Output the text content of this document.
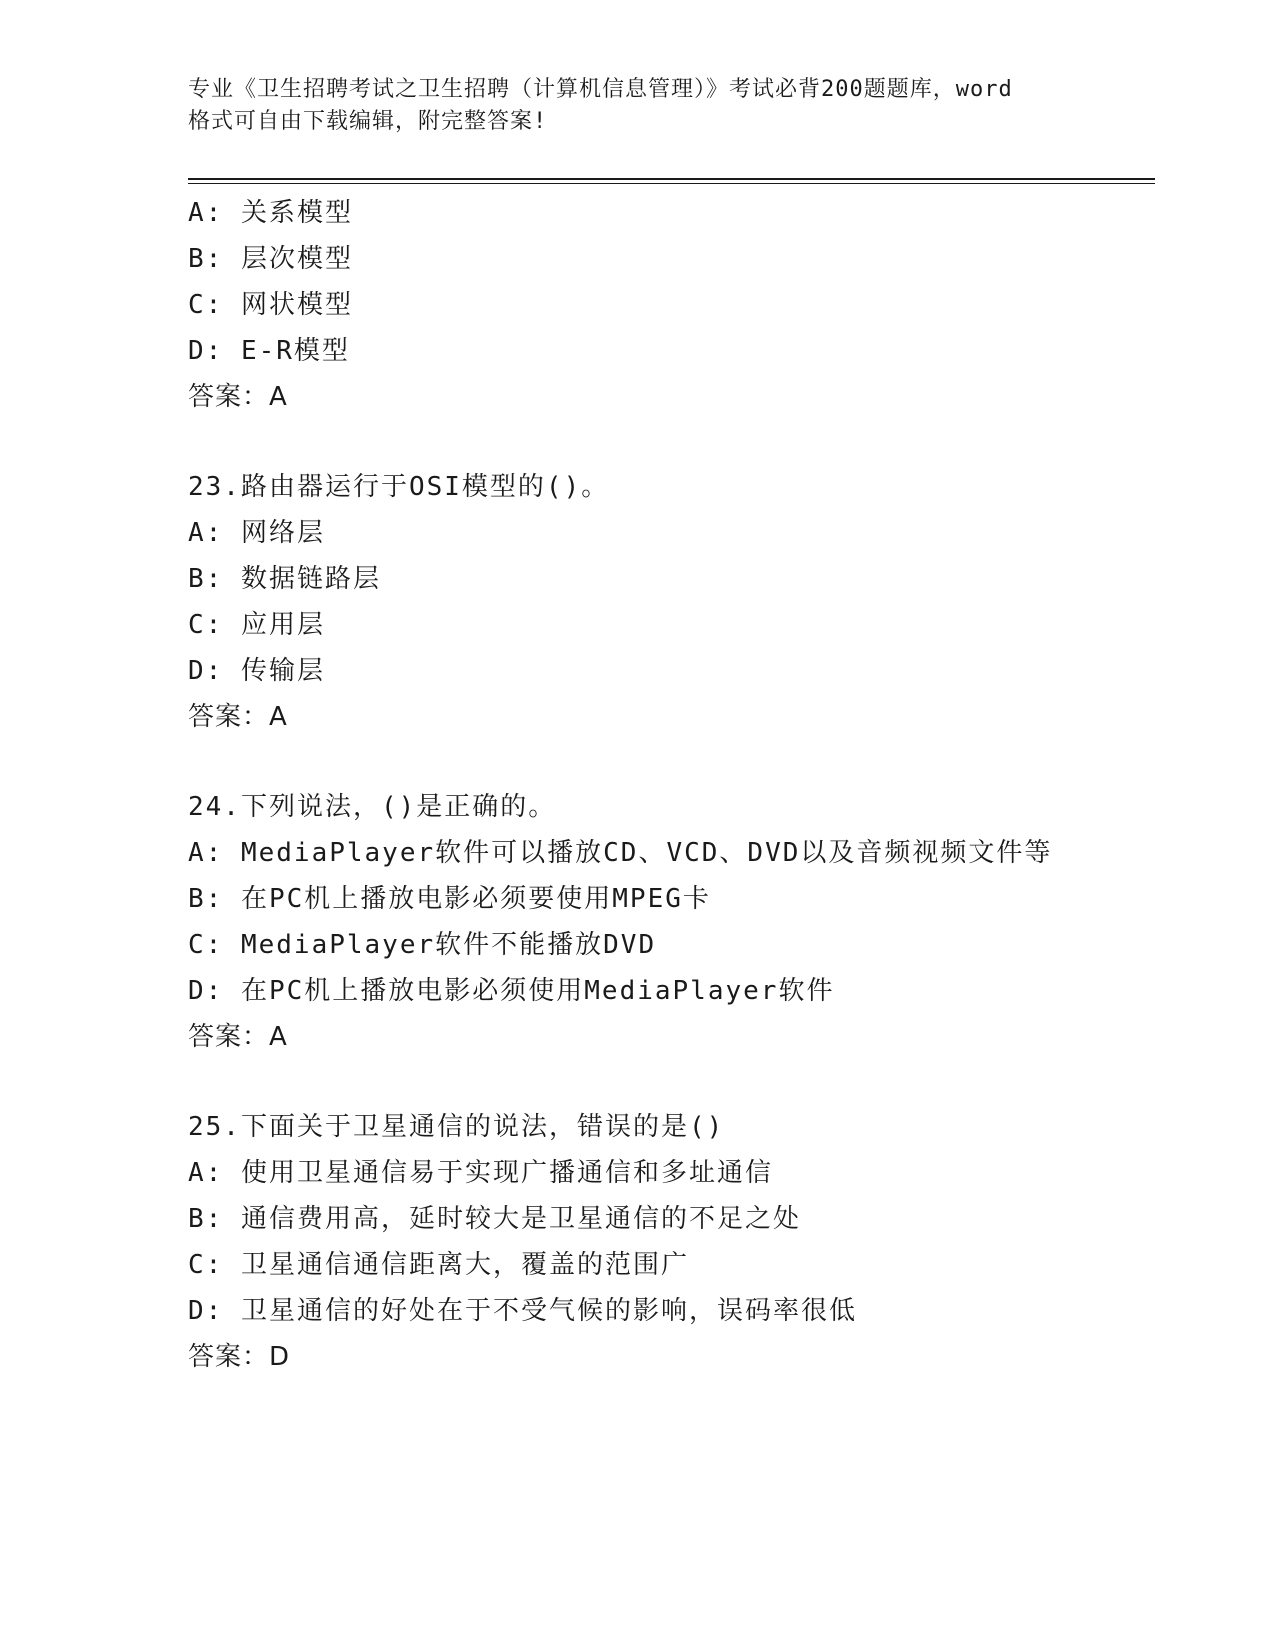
专业《卫生招聘考试之卫生招聘（计算机信息管理）》考试必背200题题库，word
格式可自由下载编辑，附完整答案!
A: 关系模型
B: 层次模型
C: 网状模型
D: E-R模型
答案：A
23.路由器运行于OSI模型的()。
A: 网络层
B: 数据链路层
C: 应用层
D: 传输层
答案：A
24.下列说法，()是正确的。
A: MediaPlayer软件可以播放CD、VCD、DVD以及音频视频文件等
B: 在PC机上播放电影必须要使用MPEG卡
C: MediaPlayer软件不能播放DVD
D: 在PC机上播放电影必须使用MediaPlayer软件
答案：A
25.下面关于卫星通信的说法，错误的是()
A: 使用卫星通信易于实现广播通信和多址通信
B: 通信费用高，延时较大是卫星通信的不足之处
C: 卫星通信通信距离大，覆盖的范围广
D: 卫星通信的好处在于不受气候的影响，误码率很低
答案：D
